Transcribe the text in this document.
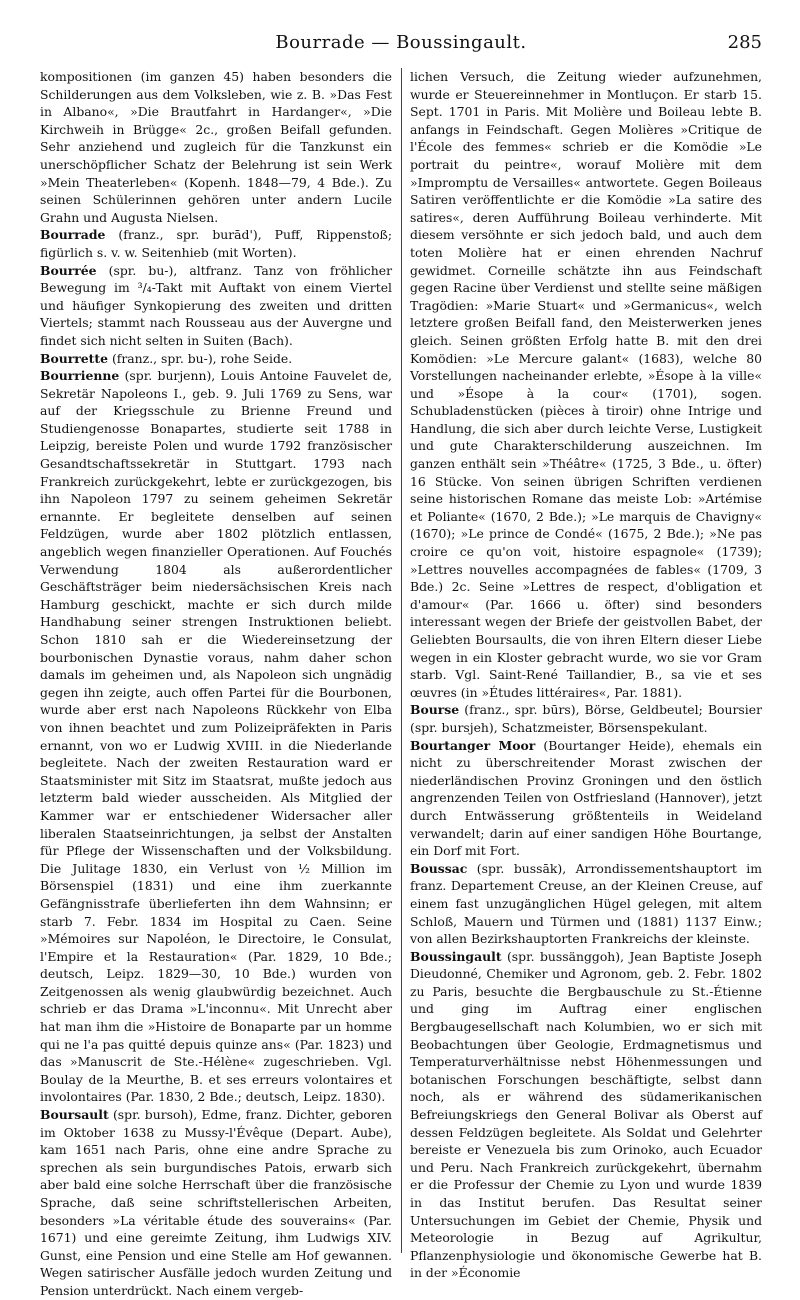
Bourrade — Boussingault.	285

kompositionen (im ganzen 45) haben besonders die Schilderungen aus dem Volksleben, wie z. B. »Das Fest in Albano«, »Die Brautfahrt in Hardanger«, »Die Kirchweih in Brügge« 2c., großen Beifall gefunden. Sehr anziehend und zugleich für die Tanzkunst ein unerschöpflicher Schatz der Belehrung ist sein Werk »Mein Theaterleben« (Kopenh. 1848—79, 4 Bde.). Zu seinen Schülerinnen gehören unter andern Lucile Grahn und Augusta Nielsen.

Bourrade (franz., spr. burād'), Puff, Rippenstoß; figürlich s. v. w. Seitenhieb (mit Worten).

Bourrée (spr. bu-), altfranz. Tanz von fröhlicher Bewegung im ³/₄-Takt mit Auftakt von einem Viertel und häufiger Synkopierung des zweiten und dritten Viertels; stammt nach Rousseau aus der Auvergne und findet sich nicht selten in Suiten (Bach).

Bourrette (franz., spr. bu-), rohe Seide.

Bourrienne (spr. burjenn), Louis Antoine Fauvelet de, Sekretär Napoleons I., geb. 9. Juli 1769 zu Sens, war auf der Kriegsschule zu Brienne Freund und Studiengenosse Bonapartes, studierte seit 1788 in Leipzig, bereiste Polen und wurde 1792 französischer Gesandtschaftssekretär in Stuttgart. 1793 nach Frankreich zurückgekehrt, lebte er zurückgezogen, bis ihn Napoleon 1797 zu seinem geheimen Sekretär ernannte. Er begleitete denselben auf seinen Feldzügen, wurde aber 1802 plötzlich entlassen, angeblich wegen finanzieller Operationen. Auf Fouchés Verwendung 1804 als außerordentlicher Geschäftsträger beim niedersächsischen Kreis nach Hamburg geschickt, machte er sich durch milde Handhabung seiner strengen Instruktionen beliebt. Schon 1810 sah er die Wiedereinsetzung der bourbonischen Dynastie voraus, nahm daher schon damals im geheimen und, als Napoleon sich ungnädig gegen ihn zeigte, auch offen Partei für die Bourbonen, wurde aber erst nach Napoleons Rückkehr von Elba von ihnen beachtet und zum Polizeipräfekten in Paris ernannt, von wo er Ludwig XVIII. in die Niederlande begleitete. Nach der zweiten Restauration ward er Staatsminister mit Sitz im Staatsrat, mußte jedoch aus letzterm bald wieder ausscheiden. Als Mitglied der Kammer war er entschiedener Widersacher aller liberalen Staatseinrichtungen, ja selbst der Anstalten für Pflege der Wissenschaften und der Volksbildung. Die Julitage 1830, ein Verlust von ½ Million im Börsenspiel (1831) und eine ihm zuerkannte Gefängnisstrafe überlieferten ihn dem Wahnsinn; er starb 7. Febr. 1834 im Hospital zu Caen. Seine »Mémoires sur Napoléon, le Directoire, le Consulat, l'Empire et la Restauration« (Par. 1829, 10 Bde.; deutsch, Leipz. 1829—30, 10 Bde.) wurden von Zeitgenossen als wenig glaubwürdig bezeichnet. Auch schrieb er das Drama »L'inconnu«. Mit Unrecht aber hat man ihm die »Histoire de Bonaparte par un homme qui ne l'a pas quitté depuis quinze ans« (Par. 1823) und das »Manuscrit de Ste.-Hélène« zugeschrieben. Vgl. Boulay de la Meurthe, B. et ses erreurs volontaires et involontaires (Par. 1830, 2 Bde.; deutsch, Leipz. 1830).

Boursault (spr. bursoh), Edme, franz. Dichter, geboren im Oktober 1638 zu Mussy-l'Évêque (Depart. Aube), kam 1651 nach Paris, ohne eine andre Sprache zu sprechen als sein burgundisches Patois, erwarb sich aber bald eine solche Herrschaft über die französische Sprache, daß seine schriftstellerischen Arbeiten, besonders »La véritable étude des souverains« (Par. 1671) und eine gereimte Zeitung, ihm Ludwigs XIV. Gunst, eine Pension und eine Stelle am Hof gewannen. Wegen satirischer Ausfälle jedoch wurden Zeitung und Pension unterdrückt. Nach einem vergeb-

lichen Versuch, die Zeitung wieder aufzunehmen, wurde er Steuereinnehmer in Montluçon. Er starb 15. Sept. 1701 in Paris. Mit Molière und Boileau lebte B. anfangs in Feindschaft. Gegen Molières »Critique de l'École des femmes« schrieb er die Komödie »Le portrait du peintre«, worauf Molière mit dem »Impromptu de Versailles« antwortete. Gegen Boileaus Satiren veröffentlichte er die Komödie »La satire des satires«, deren Aufführung Boileau verhinderte. Mit diesem versöhnte er sich jedoch bald, und auch dem toten Molière hat er einen ehrenden Nachruf gewidmet. Corneille schätzte ihn aus Feindschaft gegen Racine über Verdienst und stellte seine mäßigen Tragödien: »Marie Stuart« und »Germanicus«, welch letztere großen Beifall fand, den Meisterwerken jenes gleich. Seinen größten Erfolg hatte B. mit den drei Komödien: »Le Mercure galant« (1683), welche 80 Vorstellungen nacheinander erlebte, »Ésope à la ville« und »Ésope à la cour« (1701), sogen. Schubladenstücken (pièces à tiroir) ohne Intrige und Handlung, die sich aber durch leichte Verse, Lustigkeit und gute Charakterschilderung auszeichnen. Im ganzen enthält sein »Théâtre« (1725, 3 Bde., u. öfter) 16 Stücke. Von seinen übrigen Schriften verdienen seine historischen Romane das meiste Lob: »Artémise et Poliante« (1670, 2 Bde.); »Le marquis de Chavigny« (1670); »Le prince de Condé« (1675, 2 Bde.); »Ne pas croire ce qu'on voit, histoire espagnole« (1739); »Lettres nouvelles accompagnées de fables« (1709, 3 Bde.) 2c. Seine »Lettres de respect, d'obligation et d'amour« (Par. 1666 u. öfter) sind besonders interessant wegen der Briefe der geistvollen Babet, der Geliebten Boursaults, die von ihren Eltern dieser Liebe wegen in ein Kloster gebracht wurde, wo sie vor Gram starb. Vgl. Saint-René Taillandier, B., sa vie et ses œuvres (in »Études littéraires«, Par. 1881).

Bourse (franz., spr. būrs), Börse, Geldbeutel; Boursier (spr. bursjeh), Schatzmeister, Börsenspekulant.

Bourtanger Moor (Bourtanger Heide), ehemals ein nicht zu überschreitender Morast zwischen der niederländischen Provinz Groningen und den östlich angrenzenden Teilen von Ostfriesland (Hannover), jetzt durch Entwässerung größtenteils in Weideland verwandelt; darin auf einer sandigen Höhe Bourtange, ein Dorf mit Fort.

Boussac (spr. bussāk), Arrondissementshauptort im franz. Departement Creuse, an der Kleinen Creuse, auf einem fast unzugänglichen Hügel gelegen, mit altem Schloß, Mauern und Türmen und (1881) 1137 Einw.; von allen Bezirkshauptorten Frankreichs der kleinste.

Boussingault (spr. bussänggoh), Jean Baptiste Joseph Dieudonné, Chemiker und Agronom, geb. 2. Febr. 1802 zu Paris, besuchte die Bergbauschule zu St.-Étienne und ging im Auftrag einer englischen Bergbaugesellschaft nach Kolumbien, wo er sich mit Beobachtungen über Geologie, Erdmagnetismus und Temperaturverhältnisse nebst Höhenmessungen und botanischen Forschungen beschäftigte, selbst dann noch, als er während des südamerikanischen Befreiungskriegs den General Bolivar als Oberst auf dessen Feldzügen begleitete. Als Soldat und Gelehrter bereiste er Venezuela bis zum Orinoko, auch Ecuador und Peru. Nach Frankreich zurückgekehrt, übernahm er die Professur der Chemie zu Lyon und wurde 1839 in das Institut berufen. Das Resultat seiner Untersuchungen im Gebiet der Chemie, Physik und Meteorologie in Bezug auf Agrikultur, Pflanzenphysiologie und ökonomische Gewerbe hat B. in der »Économie
